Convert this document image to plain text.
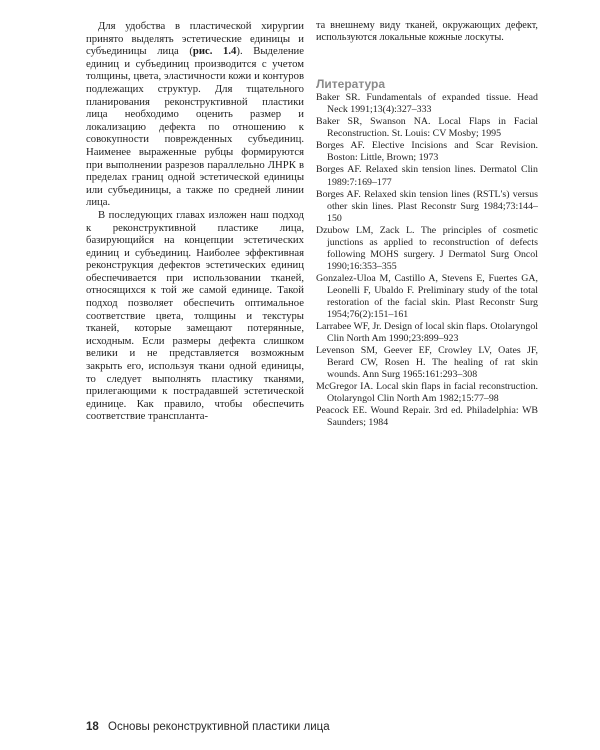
Для удобства в пластической хирургии принято выделять эстетические единицы и субъединицы лица (рис. 1.4). Выделение единиц и субъединиц производится с учетом толщины, цвета, эластичности кожи и контуров подлежащих структур. Для тщательного планирования реконструктивной пластики лица необходимо оценить размер и локализацию дефекта по отношению к совокупности поврежденных субъединиц. Наименее выраженные рубцы формируются при выполнении разрезов параллельно ЛНРК в пределах границ одной эстетической единицы или субъединицы, а также по средней линии лица.

В последующих главах изложен наш подход к реконструктивной пластике лица, базирующийся на концепции эстетических единиц и субъединиц. Наиболее эффективная реконструкция дефектов эстетических единиц обеспечивается при использовании тканей, относящихся к той же самой единице. Такой подход позволяет обеспечить оптимальное соответствие цвета, толщины и текстуры тканей, которые замещают потерянные, исходным. Если размеры дефекта слишком велики и не представляется возможным закрыть его, используя ткани одной единицы, то следует выполнять пластику тканями, прилегающими к пострадавшей эстетической единице. Как правило, чтобы обеспечить соответствие транспланта-

та внешнему виду тканей, окружающих дефект, используются локальные кожные лоскуты.

Литература
Baker SR. Fundamentals of expanded tissue. Head Neck 1991;13(4):327–333
Baker SR, Swanson NA. Local Flaps in Facial Reconstruction. St. Louis: CV Mosby; 1995
Borges AF. Elective Incisions and Scar Revision. Boston: Little, Brown; 1973
Borges AF. Relaxed skin tension lines. Dermatol Clin 1989:7:169–177
Borges AF. Relaxed skin tension lines (RSTL's) versus other skin lines. Plast Reconstr Surg 1984;73:144–150
Dzubow LM, Zack L. The principles of cosmetic junctions as applied to reconstruction of defects following MOHS surgery. J Dermatol Surg Oncol 1990;16:353–355
Gonzalez-Uloa M, Castillo A, Stevens E, Fuertes GA, Leonelli F, Ubaldo F. Preliminary study of the total restoration of the facial skin. Plast Reconstr Surg 1954;76(2):151–161
Larrabee WF, Jr. Design of local skin flaps. Otolaryngol Clin North Am 1990;23:899–923
Levenson SM, Geever EF, Crowley LV, Oates JF, Berard CW, Rosen H. The healing of rat skin wounds. Ann Surg 1965:161:293–308
McGregor IA. Local skin flaps in facial reconstruction. Otolaryngol Clin North Am 1982;15:77–98
Peacock EE. Wound Repair. 3rd ed. Philadelphia: WB Saunders; 1984
18 Основы реконструктивной пластики лица
